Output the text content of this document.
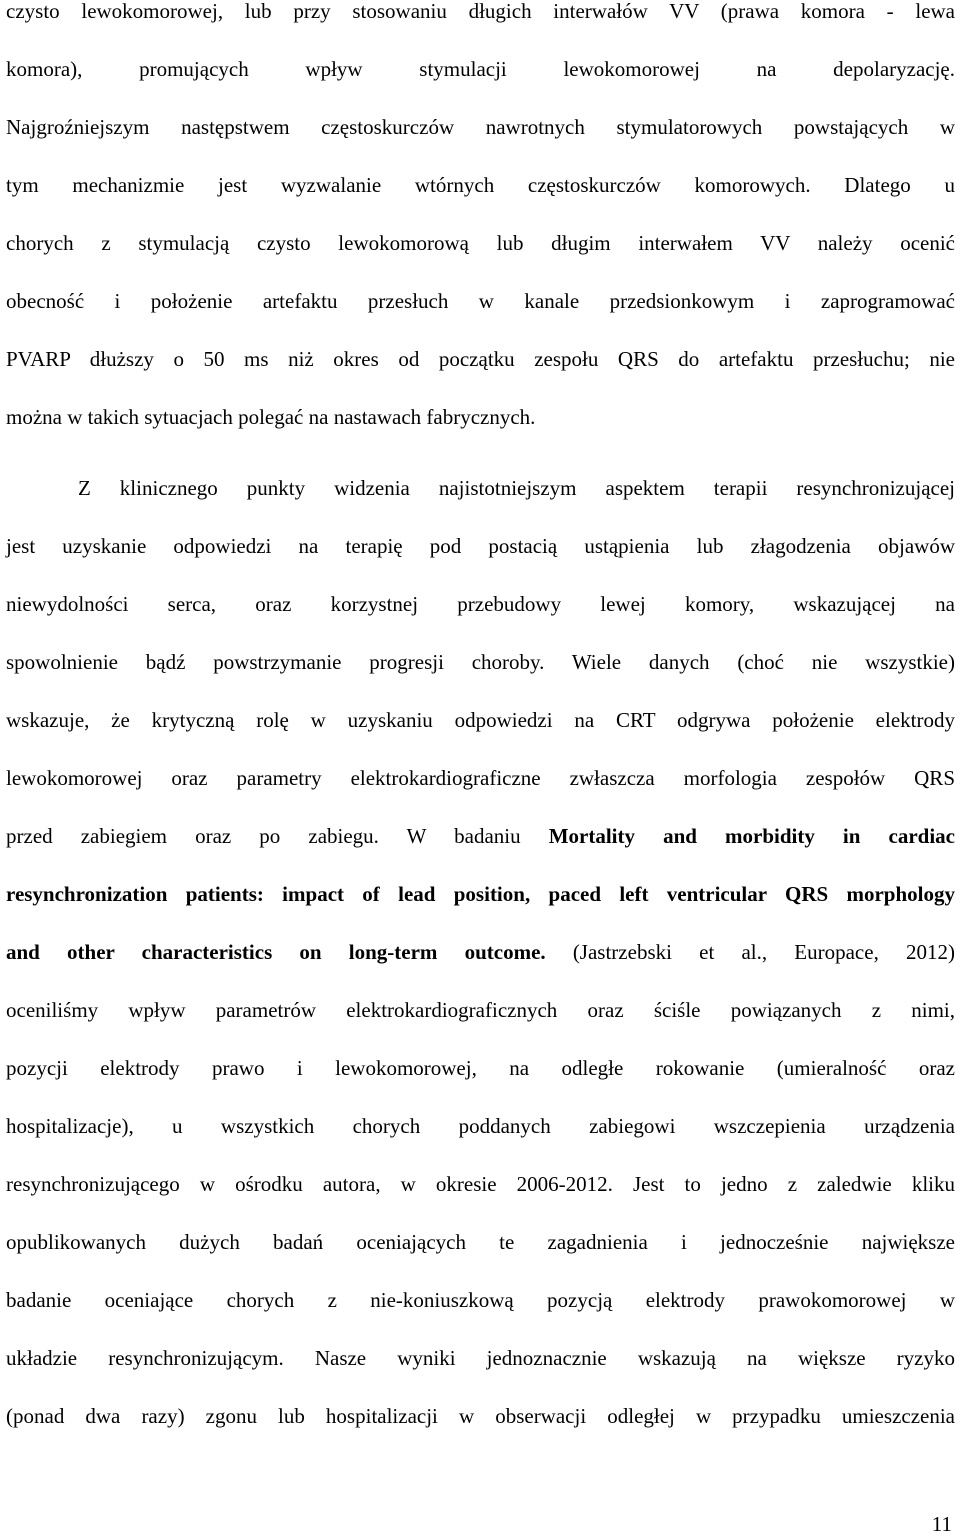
czysto lewokomorowej, lub przy stosowaniu długich interwałów VV (prawa komora - lewa
komora), promujących wpływ stymulacji lewokomorowej na depolaryzację.
Najgroźniejszym następstwem częstoskurczów nawrotnych stymulatorowych powstających w
tym mechanizmie jest wyzwalanie wtórnych częstoskurczów komorowych. Dlatego u
chorych z stymulacją czysto lewokomorową lub długim interwałem VV należy ocenić
obecność i położenie artefaktu przesłuch w kanale przedsionkowym i zaprogramować
PVARP dłuższy o 50 ms niż okres od początku zespołu QRS do artefaktu przesłuchu; nie
można w takich sytuacjach polegać na nastawach fabrycznych.
Z klinicznego punkty widzenia najistotniejszym aspektem terapii resynchronizującej
jest uzyskanie odpowiedzi na terapię pod postacią ustąpienia lub złagodzenia objawów
niewydolności serca, oraz korzystnej przebudowy lewej komory, wskazującej na
spowolnienie bądź powstrzymanie progresji choroby. Wiele danych (choć nie wszystkie)
wskazuje, że krytyczną rolę w uzyskaniu odpowiedzi na CRT odgrywa położenie elektrody
lewokomorowej oraz parametry elektrokardiograficzne zwłaszcza morfologia zespołów QRS
przed zabiegiem oraz po zabiegu. W badaniu Mortality and morbidity in cardiac
resynchronization patients: impact of lead position, paced left ventricular QRS morphology
and other characteristics on long-term outcome. (Jastrzebski et al., Europace, 2012)
oceniliśmy wpływ parametrów elektrokardiograficznych oraz ściśle powiązanych z nimi,
pozycji elektrody prawo i lewokomorowej, na odległe rokowanie (umieralność oraz
hospitalizacje), u wszystkich chorych poddanych zabiegowi wszczepienia urządzenia
resynchronizującego w ośrodku autora, w okresie 2006-2012. Jest to jedno z zaledwie kliku
opublikowanych dużych badań oceniających te zagadnienia i jednocześnie największe
badanie oceniające chorych z nie-koniuszkową pozycją elektrody prawokomorowej w
układzie resynchronizującym. Nasze wyniki jednoznacznie wskazują na większe ryzyko
(ponad dwa razy) zgonu lub hospitalizacji w obserwacji odległej w przypadku umieszczenia
11
